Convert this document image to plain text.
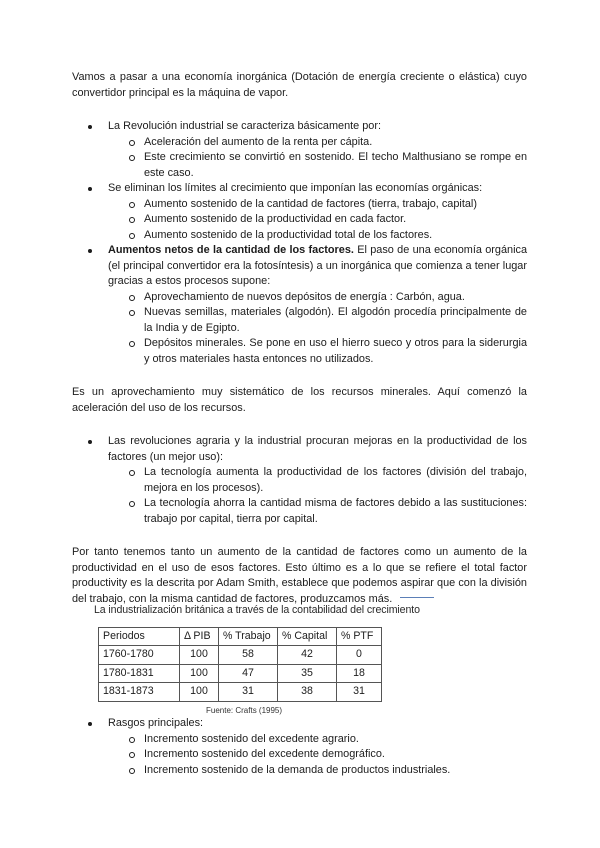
Vamos a pasar a una economía inorgánica (Dotación de energía creciente o elástica) cuyo convertidor principal es la máquina de vapor.

La Revolución industrial se caracteriza básicamente por:
Aceleración del aumento de la renta per cápita.
Este crecimiento se convirtió en sostenido. El techo Malthusiano se rompe en este caso.
Se eliminan los límites al crecimiento que imponían las economías orgánicas:
Aumento sostenido de la cantidad de factores (tierra, trabajo, capital)
Aumento sostenido de la productividad en cada factor.
Aumento sostenido de la productividad total de los factores.
Aumentos netos de la cantidad de los factores. El paso de una economía orgánica (el principal convertidor era la fotosíntesis) a un inorgánica que comienza a tener lugar gracias a estos procesos supone:
Aprovechamiento de nuevos depósitos de energía : Carbón, agua.
Nuevas semillas, materiales (algodón). El algodón procedía principalmente de la India y de Egipto.
Depósitos minerales. Se pone en uso el hierro sueco y otros para la siderurgia y otros materiales hasta entonces no utilizados.

Es un aprovechamiento muy sistemático de los recursos minerales. Aquí comenzó la aceleración del uso de los recursos.

Las revoluciones agraria y la industrial procuran mejoras en la productividad de los factores (un mejor uso):
La tecnología aumenta la productividad de los factores (división del trabajo, mejora en los procesos).
La tecnología ahorra la cantidad misma de factores debido a las sustituciones: trabajo por capital, tierra por capital.

Por tanto tenemos tanto un aumento de la cantidad de factores como un aumento de la productividad en el uso de esos factores. Esto último es a lo que se refiere el total factor productivity es la descrita por Adam Smith, establece que podemos aspirar que con la división del trabajo, con la misma cantidad de factores, produzcamos más.

La industrialización británica a través de la contabilidad del crecimiento
Periodos	Δ PIB	% Trabajo	% Capital	% PTF
1760-1780	100	58	42	0
1780-1831	100	47	35	18
1831-1873	100	31	38	31
Fuente: Crafts (1995)
Rasgos principales:
Incremento sostenido del excedente agrario.
Incremento sostenido del excedente demográfico.
Incremento sostenido de la demanda de productos industriales.
